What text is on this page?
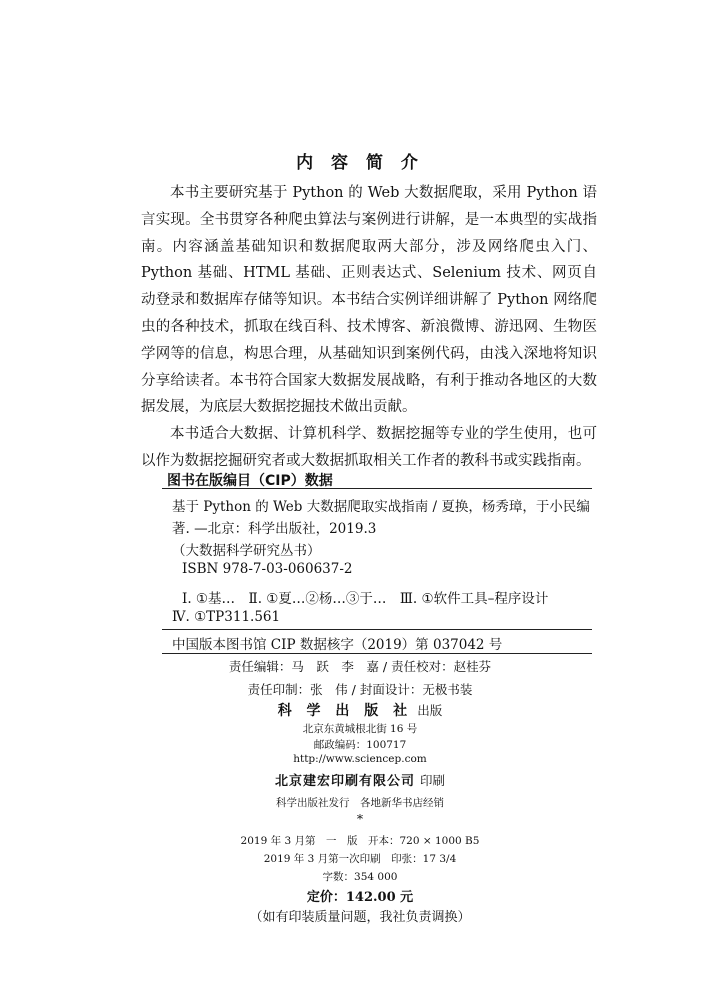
内 容 简 介

本书主要研究基于 Python 的 Web 大数据爬取，采用 Python 语言实现。全书贯穿各种爬虫算法与案例进行讲解，是一本典型的实战指南。内容涵盖基础知识和数据爬取两大部分，涉及网络爬虫入门、Python 基础、HTML 基础、正则表达式、Selenium 技术、网页自动登录和数据库存储等知识。本书结合实例详细讲解了 Python 网络爬虫的各种技术，抓取在线百科、技术博客、新浪微博、游迅网、生物医学网等的信息，构思合理，从基础知识到案例代码，由浅入深地将知识分享给读者。本书符合国家大数据发展战略，有利于推动各地区的大数据发展，为底层大数据挖掘技术做出贡献。

本书适合大数据、计算机科学、数据挖掘等专业的学生使用，也可以作为数据挖掘研究者或大数据抓取相关工作者的教科书或实践指南。

图书在版编目（CIP）数据
基于 Python 的 Web 大数据爬取实战指南 / 夏换，杨秀璋，于小民编
著. —北京：科学出版社，2019.3
（大数据科学研究丛书）
ISBN 978-7-03-060637-2
Ⅰ. ①基…　Ⅱ. ①夏…②杨…③于…　Ⅲ. ①软件工具–程序设计
Ⅳ. ①TP311.561
中国版本图书馆 CIP 数据核字（2019）第 037042 号
责任编辑：马　跃　李　嘉 / 责任校对：赵桂芬
责任印制：张　伟 / 封面设计：无极书装
科 学 出 版 社 出版
北京东黄城根北街 16 号
邮政编码：100717
http://www.sciencep.com
北京建宏印刷有限公司 印刷
科学出版社发行　各地新华书店经销
*
2019 年 3 月第　一　版　开本：720 × 1000 B5
2019 年 3 月第一次印刷　印张：17 3/4
字数：354 000
定价：142.00 元
（如有印装质量问题，我社负责调换）
